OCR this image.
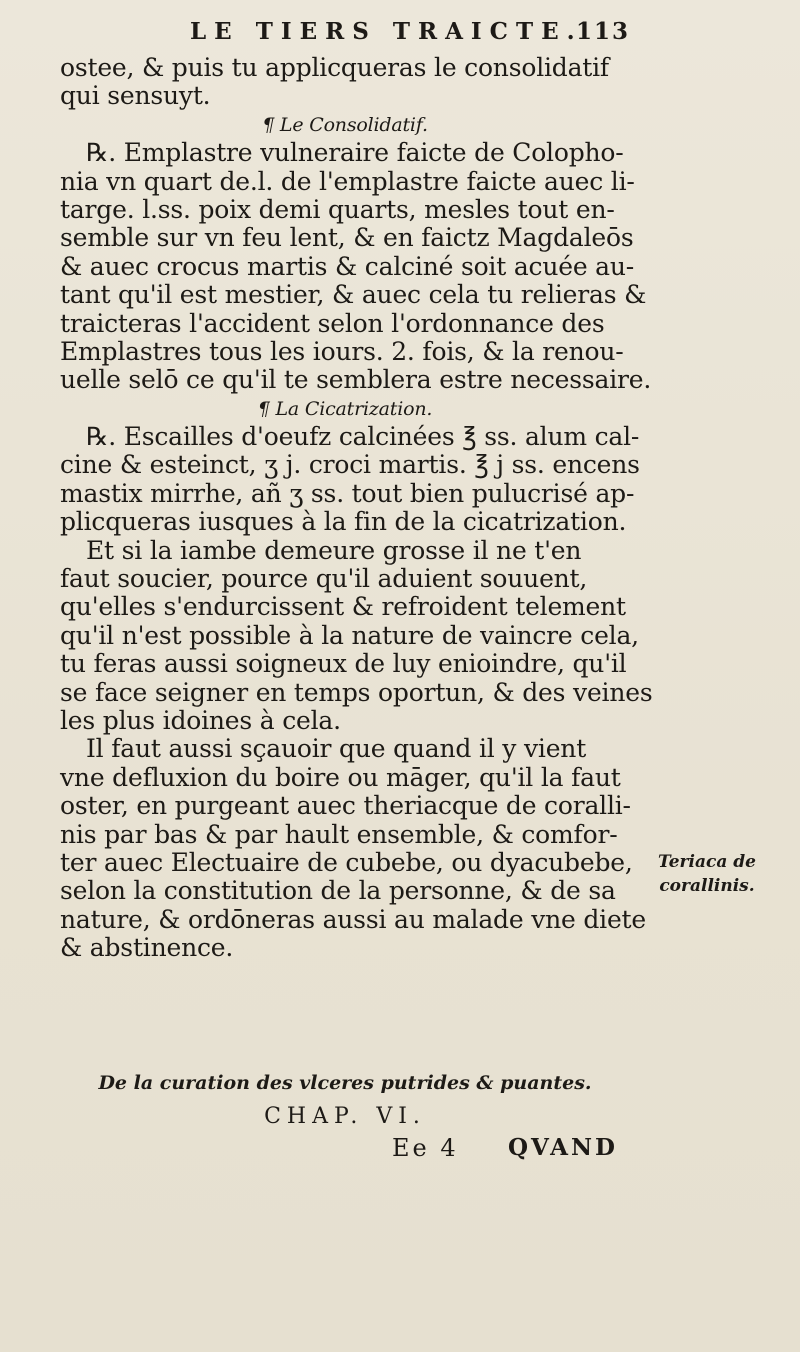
LE TIERS TRAICTE.
113
ostee, & puis tu applicqueras le consolidatif
qui sensuyt.
¶ Le Consolidatif.
℞. Emplastre vulneraire faicte de Colopho-
nia vn quart de.l. de l'emplastre faicte auec li-
targe. l.ss. poix demi quarts, mesles tout en-
semble sur vn feu lent, & en faictz Magdaleōs
& auec crocus martis & calciné soit acuée au-
tant qu'il est mestier, & auec cela tu relieras &
traicteras l'accident selon l'ordonnance des
Emplastres tous les iours. 2. fois, & la renou-
uelle selō ce qu'il te semblera estre necessaire.
¶ La Cicatrization.
℞. Escailles d'oeufz calcinées ℥ ss. alum cal-
cine & esteinct, ʒ j. croci martis. ℥ j ss. encens
mastix mirrhe, añ ʒ ss. tout bien pulucrisé ap-
plicqueras iusques à la fin de la cicatrization.
Et si la iambe demeure grosse il ne t'en
faut soucier, pource qu'il aduient souuent,
qu'elles s'endurcissent & refroident telement
qu'il n'est possible à la nature de vaincre cela,
tu feras aussi soigneux de luy enioindre, qu'il
se face seigner en temps oportun, & des veines
les plus idoines à cela.
Il faut aussi sçauoir que quand il y vient
vne defluxion du boire ou māger, qu'il la faut
oster, en purgeant auec theriacque de coralli-
nis par bas & par hault ensemble, & comfor-
ter auec Electuaire de cubebe, ou dyacubebe,
selon la constitution de la personne, & de sa
nature, & ordōneras aussi au malade vne diete
& abstinence.
Teriaca de
corallinis.
De la curation des vlceres putrides & puantes.
CHAP. VI.
Ee 4 QVAND
